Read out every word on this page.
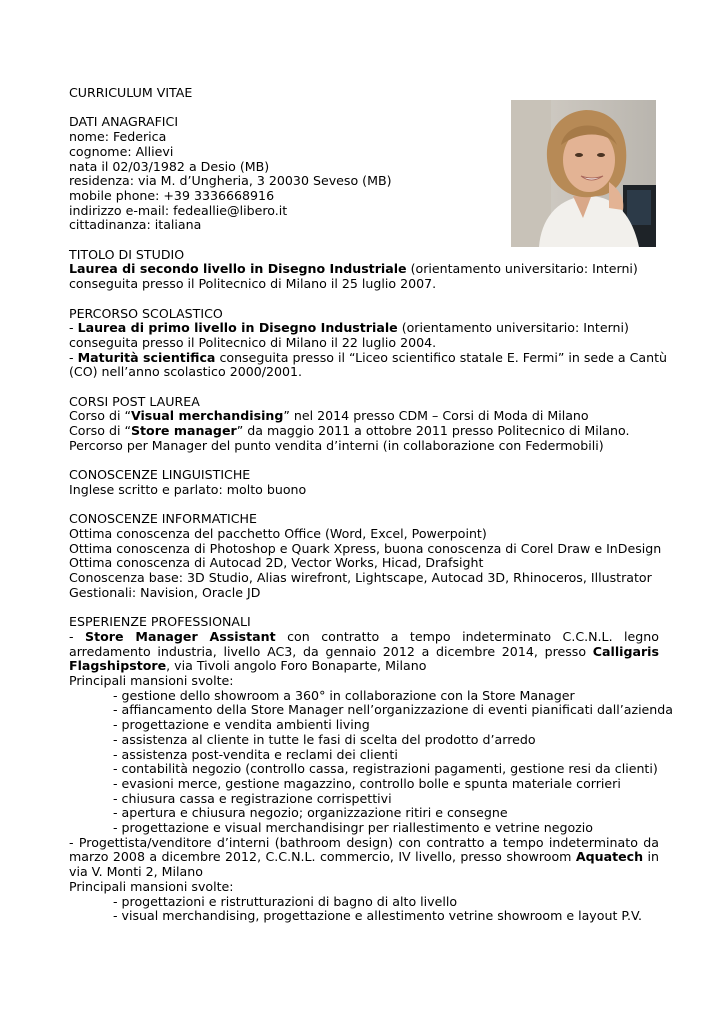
CURRICULUM VITAE
DATI ANAGRAFICI
nome: Federica
cognome: Allievi
nata il 02/03/1982 a Desio (MB)
residenza: via M. d’Ungheria, 3 20030 Seveso (MB)
mobile phone: +39 3336668916
indirizzo e-mail: fedeallie@libero.it
cittadinanza: italiana
TITOLO DI STUDIO
Laurea di secondo livello in Disegno Industriale (orientamento universitario: Interni)
conseguita presso il Politecnico di Milano il 25 luglio 2007.
PERCORSO SCOLASTICO
- Laurea di primo livello in Disegno Industriale (orientamento universitario: Interni)
conseguita presso il Politecnico di Milano il 22 luglio 2004.
- Maturità scientifica conseguita presso il “Liceo scientifico statale E. Fermi” in sede a Cantù
(CO) nell’anno scolastico 2000/2001.
CORSI POST LAUREA
Corso di “Visual merchandising” nel 2014 presso CDM – Corsi di Moda di Milano
Corso di “Store manager” da maggio 2011 a ottobre 2011 presso Politecnico di Milano.
Percorso per Manager del punto vendita d’interni (in collaborazione con Federmobili)
CONOSCENZE LINGUISTICHE
Inglese scritto e parlato: molto buono
CONOSCENZE INFORMATICHE
Ottima conoscenza del pacchetto Office (Word, Excel, Powerpoint)
Ottima conoscenza di Photoshop e Quark Xpress, buona conoscenza di Corel Draw e InDesign
Ottima conoscenza di Autocad 2D, Vector Works, Hicad, Drafsight
Conoscenza base: 3D Studio, Alias wirefront, Lightscape, Autocad 3D, Rhinoceros, Illustrator
Gestionali: Navision, Oracle JD
ESPERIENZE PROFESSIONALI
- Store Manager Assistant con contratto a tempo indeterminato C.C.N.L. legno arredamento industria, livello AC3, da gennaio 2012 a dicembre 2014, presso Calligaris Flagshipstore, via Tivoli angolo Foro Bonaparte, Milano
Principali mansioni svolte:
- gestione dello showroom a 360° in collaborazione con la Store Manager
- affiancamento della Store Manager nell’organizzazione di eventi pianificati dall’azienda
- progettazione e vendita ambienti living
- assistenza al cliente in tutte le fasi di scelta del prodotto d’arredo
- assistenza post-vendita e reclami dei clienti
- contabilità negozio (controllo cassa, registrazioni pagamenti, gestione resi da clienti)
- evasioni merce, gestione magazzino, controllo bolle e spunta materiale corrieri
- chiusura cassa e registrazione corrispettivi
- apertura e chiusura negozio; organizzazione ritiri e consegne
- progettazione e visual merchandisingr per riallestimento e vetrine negozio
- Progettista/venditore d’interni (bathroom design) con contratto a tempo indeterminato da marzo 2008 a dicembre 2012, C.C.N.L. commercio, IV livello, presso showroom Aquatech in via V. Monti 2, Milano
Principali mansioni svolte:
- progettazioni e ristrutturazioni di bagno di alto livello
- visual merchandising, progettazione e allestimento vetrine showroom e layout P.V.
